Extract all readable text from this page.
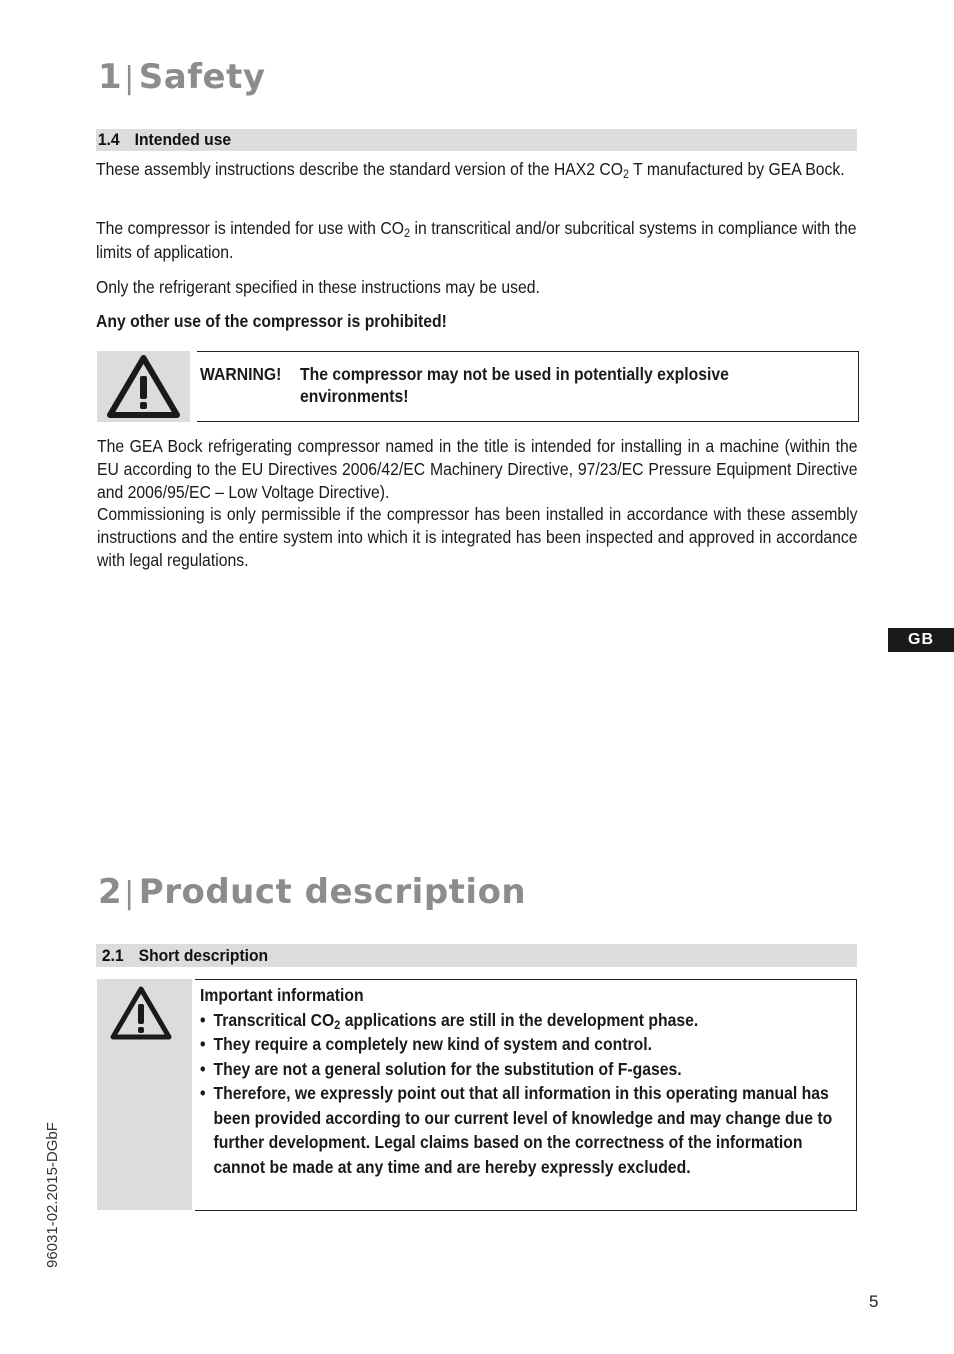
1| Safety
1.4 Intended use
These assembly instructions describe the standard version of the HAX2 $CO_2$ T manufactured by GEA Bock.
The compressor is intended for use with $CO_2$ in transcritical and/or subcritical systems in compliance with the limits of application.
Only the refrigerant specified in these instructions may be used.
Any other use of the compressor is prohibited!
WARNING!	The compressor may not be used in potentially explosive environments!
The GEA Bock refrigerating compressor named in the title is intended for installing in a machine (within the EU according to the EU Directives 2006/42/EC Machinery Directive, 97/23/EC Pressure Equipment Directive and 2006/95/EC – Low Voltage Directive).
Commissioning is only permissible if the compressor has been installed in accordance with these assembly instructions and the entire system into which it is integrated has been inspected and approved in accordance with legal regulations.
GB
2| Product description
2.1 Short description
Important information
• Transcritical $CO_2$ applications are still in the development phase.
• They require a completely new kind of system and control.
• They are not a general solution for the substitution of F-gases.
• Therefore, we expressly point out that all information in this operating manual has been provided according to our current level of knowledge and may change due to further development. Legal claims based on the correctness of the information cannot be made at any time and are hereby expressly excluded.
96031-02.2015-DGbF
5
